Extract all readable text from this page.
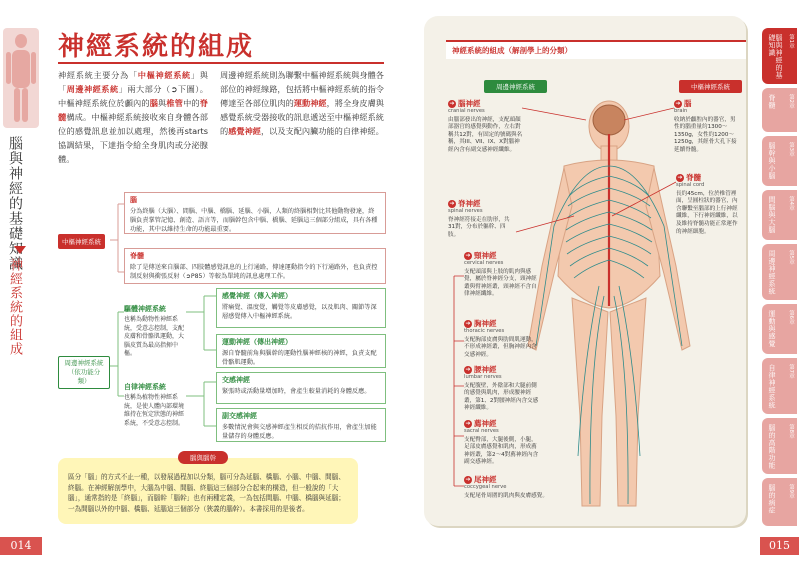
腦與神經的基礎知識
神經系統的組成
014
神經系統的組成
神經系統主要分為「中樞神經系統」與「周邊神經系統」兩大部分（➲下圖）。中樞神經系統位於顱內的腦與椎管中的脊髓構成。中樞神經系統接收來自身體各部位的感覺訊息並加以處理，然後再starts協調結果，下達指令給全身肌肉或分泌腺體。
周邊神經系統則為聯繫中樞神經系統與身體各部位的神經線路，包括將中樞神經系統的指令傳達至各部位肌肉的運動神經，將全身皮膚與感覺系統受器接收的訊息遞送至中樞神經系統的感覺神經，以及支配內臟功能的自律神經。
中樞神經系統
腦
分為終腦（大腦）、間腦、中腦、橋腦、延腦、小腦，人類的終腦相對比其他動物發達，終腦負責掌管記憶、創造、語言等，而腦幹包含中腦、橋腦、延腦這三個部分組成，具有各種功能，其中以維持生命的功能最重要。
脊髓
除了是傳送來自腦部、四肢體感覺訊息的上行通路，傳達運動指令的下行通路外，也負責控制反射與衝張反射（➲P85）等較為單純的訊息處理工作。
周邊神經系統
（依功能分類）
驅體神經系統
也稱為動物性神經系統，受意志控制，支配皮膚和骨骼肌運動，大腦皮質為最高指揮中樞。
感覺神經（傳入神經）
將痛覺、溫度覺，觸覺等皮膚感覺，以及肌肉、關節等深層感覺傳入中樞神經系統。
運動神經（傳出神經）
源自脊髓前角與腦幹的運動性腦神經核的神經，負責支配骨骼肌運動。
自律神經系統
也稱為植物性神經系統，是使人體內部環境維持在恆定狀態的神經系統，不受意志控制。
交感神經
緊張時或活動量增加時，會產生較量消耗的身體反應。
副交感神經
多數情況會與交感神經產生相反的拮抗作用，會產生加能量儲存的身體反應。
腦與腦幹
區分「腦」的方式不止一種，以發展過程加以分類，腦可分為延腦、橋腦、小腦、中腦、間腦、終腦。在神經解剖學中，大腦為中腦、間腦、終腦這三個部分合起來的構造，但一般說的「大腦」，通常指的是「終腦」，而腦幹「腦幹」也有兩種定義，一為包括間腦、中腦、橋腦與延腦；一為間腦以外的中腦、橋腦、延腦這三個部分（狹義的腦幹）。本書採用的是後者。
神經系統的組成（解剖學上的分類）
周邊神經系統	中樞神經系統
➔ 腦神經
cranial nerves
由腦部發出的神經，支配頭顏部器官的感覺與動作，左右對稱共12對，有固定的號碼與名稱，其III、VII、IX、X對腦神經內含有副交感神經纖維。
➔ 腦
brain
收納於顱腔內的器官，男性的腦重量約1300～1350g，女性約1200～1250g，其經骨大孔下接延續脊髓。
➔ 脊髓
spinal cord
長約45cm，位於椎管裡面，呈圓柱狀的器官，內含聯繫至腦部的上行神經纖維，下行神經纖維，以及維持脊髓功能正常運作的神經細胞。
➔ 脊神經
spinal nerves
脊神經符接走在肋形，共31對，分布於軀幹、四肢。
➔ 頸神經
cervical nerves
支配頭部與上肢的肌肉與感覺，屬於脊神經分支，頸神經叢與臂神經叢，頸神經不含自律神經纖維。
➔ 胸神經
thoracic nerves
支配胸部皮膚與肋間肌運動，不形成神經叢，但胸神經內含交感神經。
➔ 腰神經
lumbar nerves
支配腹壁，外陰部和大腿前側的感覺與肌肉，形成腰神經叢，第1、2對腰神經內含交感神經纖維。
➔ 薦神經
sacral nerves
支配臀部，大腿後側，小腿，足部皮膚感覺和肌肉，形成薦神經叢，第2～4對薦神經內含副交感神經。
➔ 尾神經
coccygeal nerve
支配尾骨周圍的肌肉與皮膚感覺。
第1章
腦與神經的基礎知識
第2章
脊髓
第3章
腦幹與小腦
第4章
間腦與大腦
第5章
周邊神經系統
第6章
運動與感覺
第7章
自律神經系統
第8章
腦的高階功能
第9章
腦的病症
015
